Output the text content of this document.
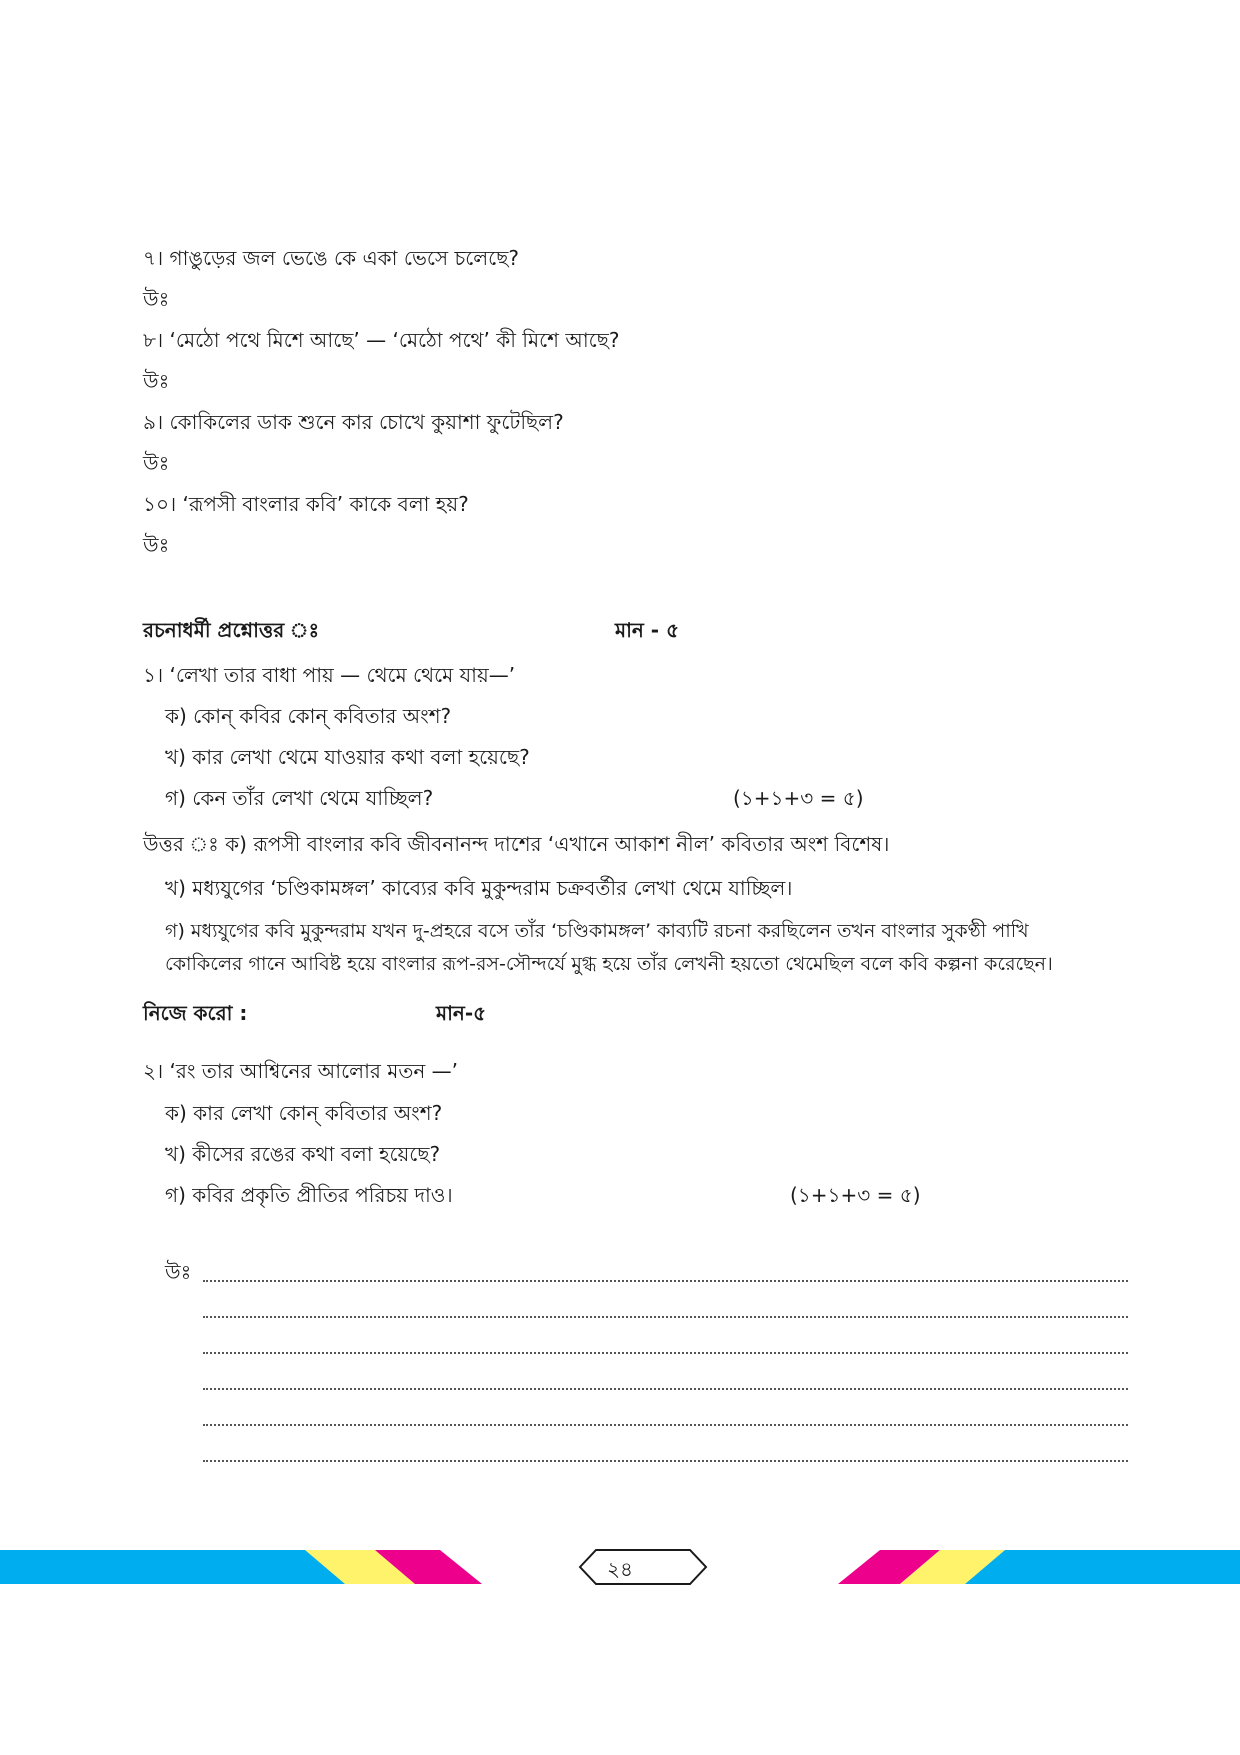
৭। গাঙুড়ের জল ভেঙে কে একা ভেসে চলেছে?
উঃ
৮। ‘মেঠো পথে মিশে আছে’ — ‘মেঠো পথে’ কী মিশে আছে?
উঃ
৯। কোকিলের ডাক শুনে কার চোখে কুয়াশা ফুটেছিল?
উঃ
১০। ‘রূপসী বাংলার কবি’ কাকে বলা হয়?
উঃ
রচনাধর্মী প্রশ্নোত্তর ঃ	মান - ৫
১। ‘লেখা তার বাধা পায় — থেমে থেমে যায়—’
ক) কোন্ কবির কোন্ কবিতার অংশ?
খ) কার লেখা থেমে যাওয়ার কথা বলা হয়েছে?
গ) কেন তাঁর লেখা থেমে যাচ্ছিল?	(১+১+৩ = ৫)
উত্তর ঃ ক) রূপসী বাংলার কবি জীবনানন্দ দাশের ‘এখানে আকাশ নীল’ কবিতার অংশ বিশেষ।
খ) মধ্যযুগের ‘চণ্ডিকামঙ্গল’ কাব্যের কবি মুকুন্দরাম চক্রবর্তীর লেখা থেমে যাচ্ছিল।
গ) মধ্যযুগের কবি মুকুন্দরাম যখন দু-প্রহরে বসে তাঁর ‘চণ্ডিকামঙ্গল’ কাব্যটি রচনা করছিলেন তখন বাংলার সুকণ্ঠী পাখি
কোকিলের গানে আবিষ্ট হয়ে বাংলার রূপ-রস-সৌন্দর্যে মুগ্ধ হয়ে তাঁর লেখনী হয়তো থেমেছিল বলে কবি কল্পনা করেছেন।
নিজে করো :	মান-৫
২। ‘রং তার আশ্বিনের আলোর মতন —’
ক) কার লেখা কোন্ কবিতার অংশ?
খ) কীসের রঙের কথা বলা হয়েছে?
গ) কবির প্রকৃতি প্রীতির পরিচয় দাও।	(১+১+৩ = ৫)
উঃ
২৪
